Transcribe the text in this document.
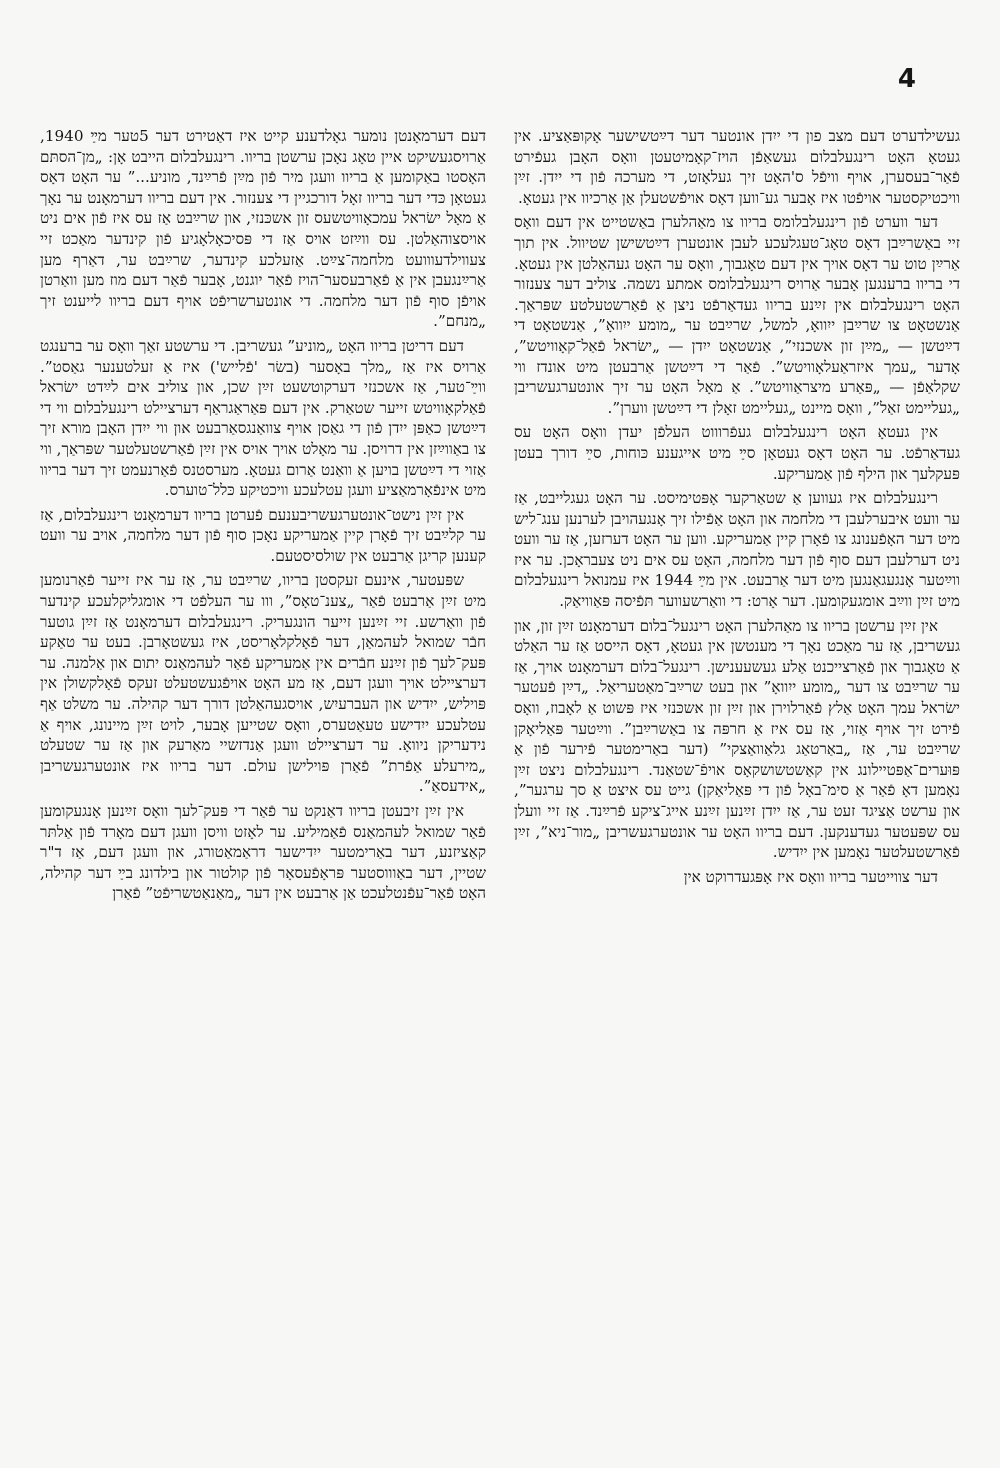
4

דעם דערמאָנטן נומער גאָלדענע קייט איז דאַטירט דער 5טער מײַ 1940, אַרויסגעשיקט איין טאָג נאָכן ערשטן בריוו. רינגעלבלום הייבט אָן: „מן־הסתּם האָסטו באַקומען אַ בריוו וועגן מיר פֿון מײַן פֿרײַנד, מוניע...” ער האָט דאָס געטאָן כּדי דער בריוו זאָל דורכגיין די צענזור. אין דעם בריוו דערמאָנט ער נאָך אַ מאָל ישׂראל עמכאָוויטשעס זון אשכּנזי, און שרײַבט אַז עס איז פֿון אים ניט אויסצוהאַלטן. עס ווײַזט אויס אַז די פּסיכאָלאָגיע פֿון קינדער מאַכט זיי צעווילדעווועט מלחמה־צײַט. אַזעלכע קינדער, שרײַבט ער, דאַרף מען אַרײַנגעבן אין אַ פֿאַרבעסער־הויז פֿאַר יוגנט, אָבער פֿאַר דעם מוז מען וואַרטן אויפֿן סוף פֿון דער מלחמה. די אונטערשריפֿט אויף דעם בריוו לייענט זיך „מנחם”.

דעם דריטן בריוו האָט „מוניע” געשריבן. די ערשטע זאַך וואָס ער ברענגט אַרויס איז אַז „מלך באָסער (בשׂר 'פֿלייש') איז אַ זעלטענער גאַסט”. ווײַ־טער, אַז אשכנזי דערקוטשעט זײַן שכן, און צוליב אים לײַדט ישׂראל פֿאַלקאָוויטש זייער שטאַרק. אין דעם פּאַראַגראַף דערציילט רינגעלבלום ווי די דײַטשן כאַפּן ייִדן פֿון די גאַסן אויף צוואַנגסאַרבעט און ווי ייִדן האָבן מורא זיך צו באַווײַזן אין דרויסן. ער מאָלט אויך אויס אין זײַן פֿאַרשטעלטער שפּראַך, ווי אַזוי די דײַטשן בויען אַ וואַנט אַרום געטאָ. מערסטנס פֿאַרנעמט זיך דער בריוו מיט אינפֿאָרמאַציע וועגן עטלעכע וויכטיקע כּלל־טוערס.

אין זײַן נישט־אונטערגעשריבענעם פֿערטן בריוו דערמאָנט רינגעלבלום, אַז ער קלײַבט זיך פֿאָרן קיין אַמעריקע נאָכן סוף פֿון דער מלחמה, אויב ער וועט קענען קריגן אַרבעט אין שולסיסטעם.

שפּעטער, אינעם זעקסטן בריוו, שרײַבט ער, אַז ער איז זייער פֿאַרנומען מיט זײַן אַרבעט פֿאַר „צענ־טאָס”, ווו ער העלפֿט די אומגליקלעכע קינדער פֿון וואַרשע. זיי זײַנען זייער הונגעריק. רינגעלבלום דערמאָנט אַז זײַן גוטער חבֿר שמואל לעהמאַן, דער פֿאָלקלאָריסט, איז געשטאָרבן. בעט ער טאַקע פּעק־לעך פֿון זײַנע חבֿרים אין אַמעריקע פֿאַר לעהמאַנס יתום און אַלמנה. ער דערציילט אויך וועגן דעם, אַז מע האָט אויפֿגעשטעלט זעקס פֿאָלקשולן אין פּויליש, ייִדיש און העברעיִש, אויסגעהאַלטן דורך דער קהילה. ער משלט אַף עטלעכע ייִדישע טעאַטערס, וואָס שטייען אָבער, לויט זײַן מיינונג, אויף אַ נידעריקן ניוואָ. ער דערציילט וועגן אַנדזשיי מאַרעק און אַז ער שטעלט „מירעלע אַפֿרת” פֿאַרן פּוילישן עולם. דער בריוו איז אונטערגעשריבן „אידעסאַ”.

אין זײַן זיבעטן בריוו דאַנקט ער פֿאַר די פּעק־לעך וואָס זײַנען אָנגעקומען פֿאַר שמואל לעהמאַנס פֿאַמיליע. ער לאָזט וויסן וועגן דעם מאָרד פֿון אַלתּר קאַציזנע, דער באַרימטער ייִדישער דראַמאַטורג, און וועגן דעם, אַז ד"ר שטיין, דער באַוווסטער פּראָפֿעסאָר פֿון קולטור און בילדונג בײַ דער קהילה, האָט פֿאַר־עפֿנטלעכט אַן אַרבעט אין דער „מאַנאַטשריפֿט” פֿאַרן

געשילדערט דעם מצב פון די ייִדן אונטער דער דײַטשישער אָקופּאַציע. אין געטאָ האָט רינגעלבלום געשאַפֿן הויז־קאָמיטעטן וואָס האָבן געפֿירט פֿאַר־בעסערן, אויף וויפֿל ס'האָט זיך געלאָזט, די מערכה פֿון די ייִדן. זײַן וויכטיקסטער אויפֿטו איז אָבער גע־ווען דאָס אויפֿשטעלן אַן אַרכיוו אין געטאָ.

דער ווערט פֿון רינגעלבלומס בריוו צו מאַהלערן באַשטייט אין דעם וואָס זיי באַשרײַבן דאָס טאָג־טעגלעכע לעבן אונטערן דײַטשישן שטיוול. אין תוך אַרײַן טוט ער דאָס אויך אין דעם טאָגבוך, וואָס ער האָט געהאַלטן אין געטאָ. די בריוו ברענגען אָבער אַרויס רינגעלבלומס אמתע נשמה. צוליב דער צענזור האָט רינגעלבלום אין זײַנע בריוו געדאַרפֿט ניצן אַ פֿאַרשטעלטע שפּראַך. אַנשטאָט צו שרײַבן ייִוואָ, למשל, שרײַבט ער „מומע ייִוואָ”, אַנשטאָט די דײַטשן — „מײַן זון אשכנזי”, אַנשטאָט ייִדן — „ישׂראל פֿאַל־קאָוויטש”, אָדער „עמך איזראַעלאָוויטש”. פֿאַר די דײַטשן אַרבעטן מיט אונדז ווי שקלאַפֿן — „פּאַרע מיצראַוויטש”. אַ מאָל האָט ער זיך אונטערגעשריבן „געליימט זאַל”, וואָס מיינט „געליימט זאָלן די דײַטשן ווערן”.

אין געטאָ האָט רינגעלבלום געפֿרוווט העלפֿן יעדן וואָס האָט עס געדאַרפֿט. ער האָט דאָס געטאָן סײַ מיט אייגענע כּוחות, סײַ דורך בעטן פּעקלעך און הילף פֿון אַמעריקע.

רינגעלבלום איז געווען אַ שטאַרקער אָפּטימיסט. ער האָט געגלייבט, אַז ער וועט איבערלעבן די מלחמה און האָט אַפֿילו זיך אָנגעהויבן לערנען ענג־ליש מיט דער האָפֿענונג צו פֿאָרן קיין אַמעריקע. ווען ער האָט דערזען, אַז ער וועט ניט דערלעבן דעם סוף פֿון דער מלחמה, האָט עס אים ניט צעבראָכן. ער איז ווײַטער אָנגעגאַנגען מיט דער אַרבעט. אין מײַ 1944 איז עמנואל רינגעלבלום מיט זײַן ווײַב אומגעקומען. דער אָרט: די וואַרשעווער תּפֿיסה פּאַוויאַק.

אין זײַן ערשטן בריוו צו מאַהלערן האָט רינגעל־בלום דערמאָנט זײַן זון, און געשריבן, אַז ער מאַכט נאָך די מענטשן אין געטאָ, דאָס הייסט אַז ער האַלט אַ טאָגבוך און פֿאַרצייכנט אַלע געשעענישן. רינגעל־בלום דערמאָנט אויך, אַז ער שרײַבט צו דער „מומע ייִוואָ” און בעט שרײַב־מאַטעריאַל. „דײַן פֿעטער ישׂראל עמך האָט אַלץ פֿאַרלוירן און זײַן זון אשכּנזי איז פּשוט אַ לאָבוז, וואָס פֿירט זיך אויף אַזוי, אַז עס איז אַ חרפּה צו באַשרײַבן”. ווײַטער פּאַליאָקן שרײַבט ער, אַז „באַרטאַג גלאַוואַצקי” (דער באַרימטער פֿירער פֿון אַ פּוּערים־אַפּטיילונג אין קאַשטשושקאָס אויפֿ־שטאַנד. רינגעלבלום ניצט זײַן נאָמען דאָ פֿאַר אַ סימ־באָל פֿון די פּאַליאַקן) גייט עס איצט אַ סך ערגער”, און ערשט אַציגד זעט ער, אַז ייִדן זײַנען זײַנע אייג־ציקע פֿרײַנד. אַז זיי וועלן עס שפּעטער געדענקען. דעם בריוו האָט ער אונטערגעשריבן „מור־ניא”, זײַן פֿאַרשטעלטער נאָמען אין ייִדיש.

דער צווייטער בריוו וואָס איז אָפּגעדרוקט אין
